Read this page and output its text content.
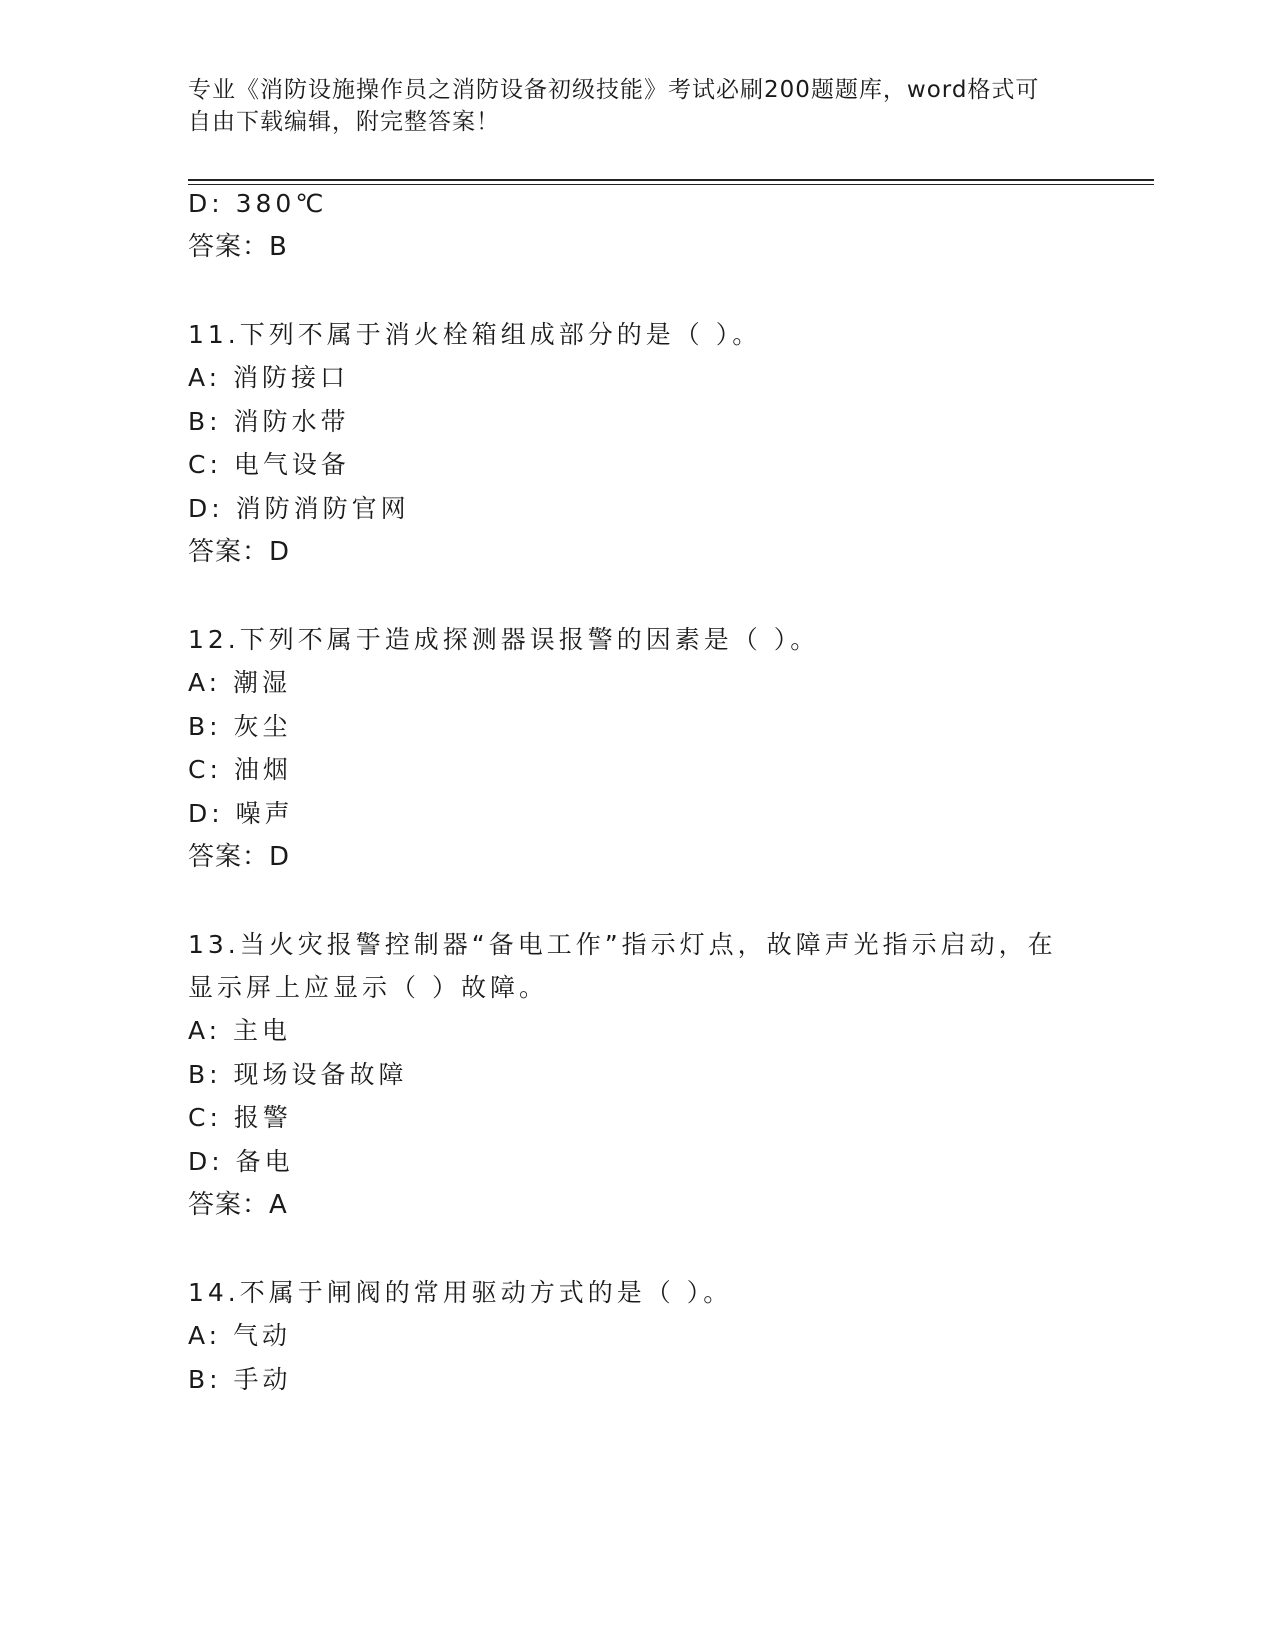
专业《消防设施操作员之消防设备初级技能》考试必刷200题题库，word格式可
自由下载编辑，附完整答案！
D: 380℃
答案：B
11.下列不属于消火栓箱组成部分的是（ ）。
A: 消防接口
B: 消防水带
C: 电气设备
D: 消防消防官网
答案：D
12.下列不属于造成探测器误报警的因素是（ ）。
A: 潮湿
B: 灰尘
C: 油烟
D: 噪声
答案：D
13.当火灾报警控制器“备电工作”指示灯点，故障声光指示启动，在
显示屏上应显示（ ）故障。
A: 主电
B: 现场设备故障
C: 报警
D: 备电
答案：A
14.不属于闸阀的常用驱动方式的是（ ）。
A: 气动
B: 手动
